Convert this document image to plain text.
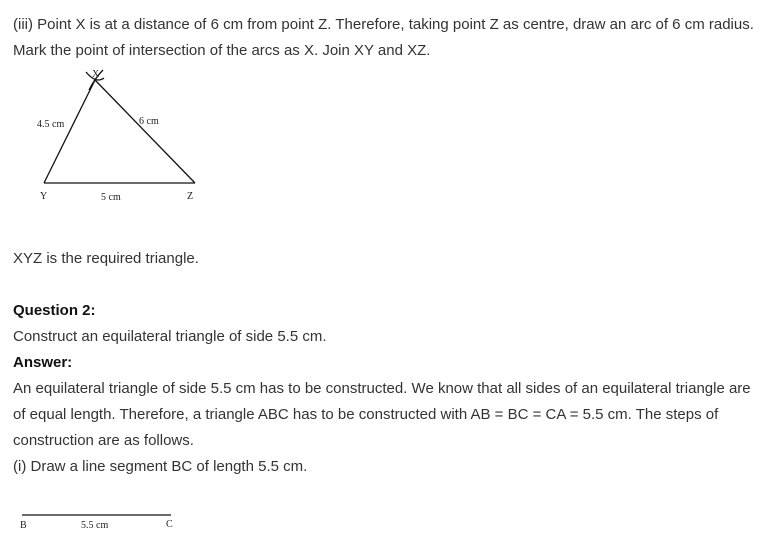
(iii) Point X is at a distance of 6 cm from point Z. Therefore, taking point Z as centre, draw an arc of 6 cm radius. Mark the point of intersection of the arcs as X. Join XY and XZ.

X
Y	Z
4.5 cm	6 cm
5 cm

XYZ is the required triangle.

Question 2:

Construct an equilateral triangle of side 5.5 cm.

Answer:

An equilateral triangle of side 5.5 cm has to be constructed. We know that all sides of an equilateral triangle are of equal length. Therefore, a triangle ABC has to be constructed with AB = BC = CA = 5.5 cm. The steps of construction are as follows.

(i) Draw a line segment BC of length 5.5 cm.

B	C
5.5 cm
